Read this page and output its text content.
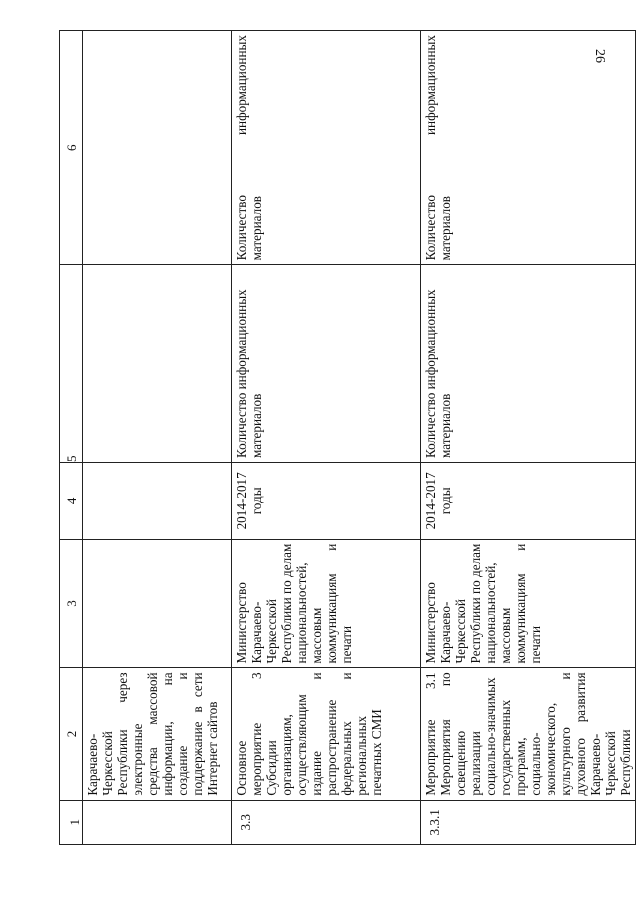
26
1	2	3	4	5	6
	Карачаево-Черкесской Республики через электронные средства массовой информации, на создание и поддержание в сети Интернет сайтов				
3.3	Основное мероприятие 3 Субсидии организациям, осуществляющим издание и распространение федеральных и региональных печатных СМИ	Министерство Карачаево-Черкесской Республики по делам национальностей, массовым коммуникациям и печати	2014-2017 годы	Количество информационных материалов	Количество информационных материалов
3.3.1	Мероприятие 3.1 Мероприятия по освещению реализации социально-значимых государственных программ, социально-экономического, культурного и духовного развития Карачаево-Черкесской Республики	Министерство Карачаево-Черкесской Республики по делам национальностей, массовым коммуникациям и печати	2014-2017 годы	Количество информационных материалов	Количество информационных материалов
